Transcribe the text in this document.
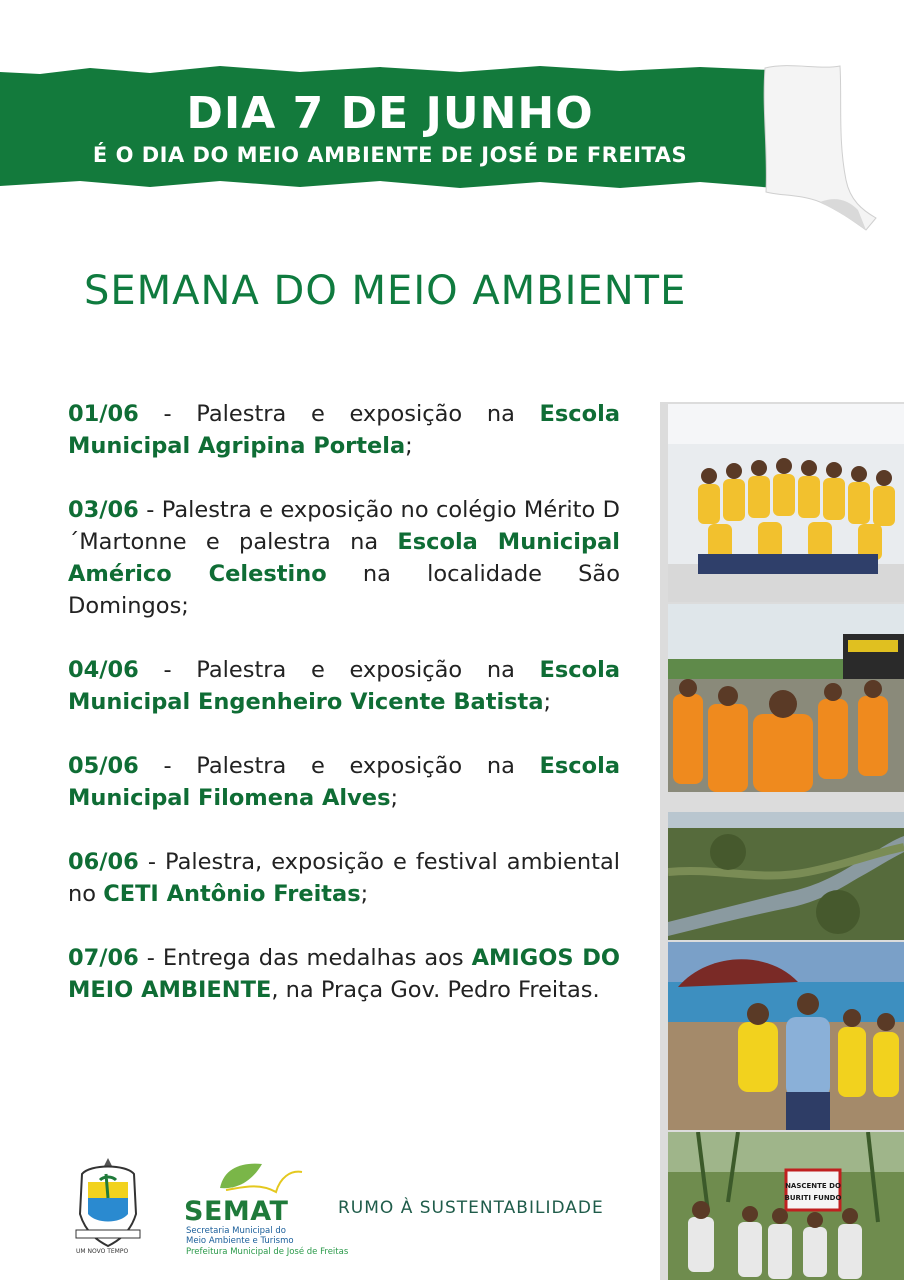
DIA 7 DE JUNHO
É O DIA DO MEIO AMBIENTE DE JOSÉ DE FREITAS
SEMANA DO MEIO AMBIENTE

01/06 - Palestra e exposição na Escola Municipal Agripina Portela;

03/06 - Palestra e exposição no colégio Mérito D´Martonne e palestra na Escola Municipal Américo Celestino na localidade São Domingos;

04/06 - Palestra e exposição na Escola Municipal Engenheiro Vicente Batista;

05/06 - Palestra e exposição na Escola Municipal Filomena Alves;

06/06 - Palestra, exposição e festival ambiental no CETI Antônio Freitas;

07/06 - Entrega das medalhas aos AMIGOS DO MEIO AMBIENTE, na Praça Gov. Pedro Freitas.

NASCENTE DO
BURITI FUNDO
UM NOVO TEMPO
SEMAT
Secretaria Municipal do
Meio Ambiente e Turismo
Prefeitura Municipal de José de Freitas
RUMO À SUSTENTABILIDADE
